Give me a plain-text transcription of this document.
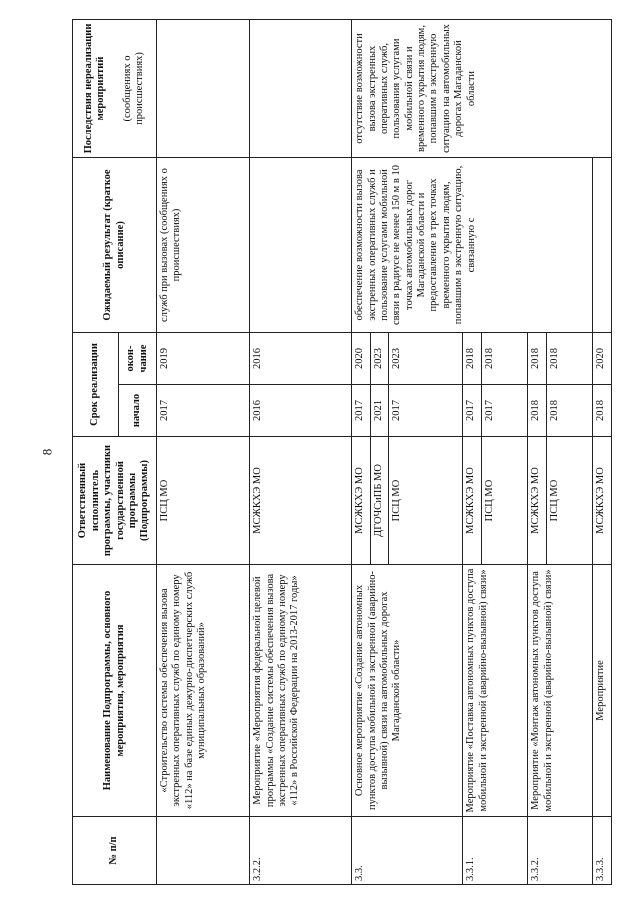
8
№ п/п	Наименование Подпрограммы, основного мероприятия, мероприятия	Ответственный исполнитель программы, участники государственной программы (Подпрограммы)	Срок реализации		Ожидаемый результат (краткое описание)	Последствия нереализации мероприятий (сообщениях о происшествиях)	

			начало	окон-чание			
	«Строительство системы обеспечения вызова экстренных оперативных служб по единому номеру «112» на базе единых дежурно-диспетчерских служб муниципальных образований»	ПСЦ МО	2017	2019	служб при вызовах (сообщениях о происшествиях)		
3.2.2.	Мероприятие «Мероприятия федеральной целевой программы «Создание системы обеспечения вызова экстренных оперативных служб по единому номеру «112» в Российской Федерации на 2013-2017 годы»	МСЖКХЭ МО	2016	2016			
3.3.	Основное мероприятие «Создание автономных пунктов доступа мобильной и экстренной (аварийно-вызывной) связи на автомобильных дорогах Магаданской области»	МСЖКХЭ МО	2017	2020	обеспечение возможности вызова экстренных оперативных служб и пользование услугами мобильной связи в радиусе не менее 150 м в 10 точках автомобильных дорог Магаданской области и предоставление в трех точках временного укрытия людям, попавшим в экстренную ситуацию, связанную с	отсутствие возможности вызова экстренных оперативных служб, пользования услугами мобильной связи и временного укрытия людям, попавшим в экстренную ситуацию на автомобильных дорогах Магаданской области	
		ДГОЧСиПБ МО	2021	2023			
		ПСЦ МО	2017	2023			
3.3.1.	Мероприятие «Поставка автономных пунктов доступа мобильной и экстренной (аварийно-вызывной) связи»	МСЖКХЭ МО	2017	2018			
		ПСЦ МО	2017	2018			
3.3.2.	Мероприятие «Монтаж автономных пунктов доступа мобильной и экстренной (аварийно-вызывной) связи»	МСЖКХЭ МО	2018	2018			
		ПСЦ МО	2018	2018			
3.3.3.	Мероприятие	МСЖКХЭ МО	2018	2020			
